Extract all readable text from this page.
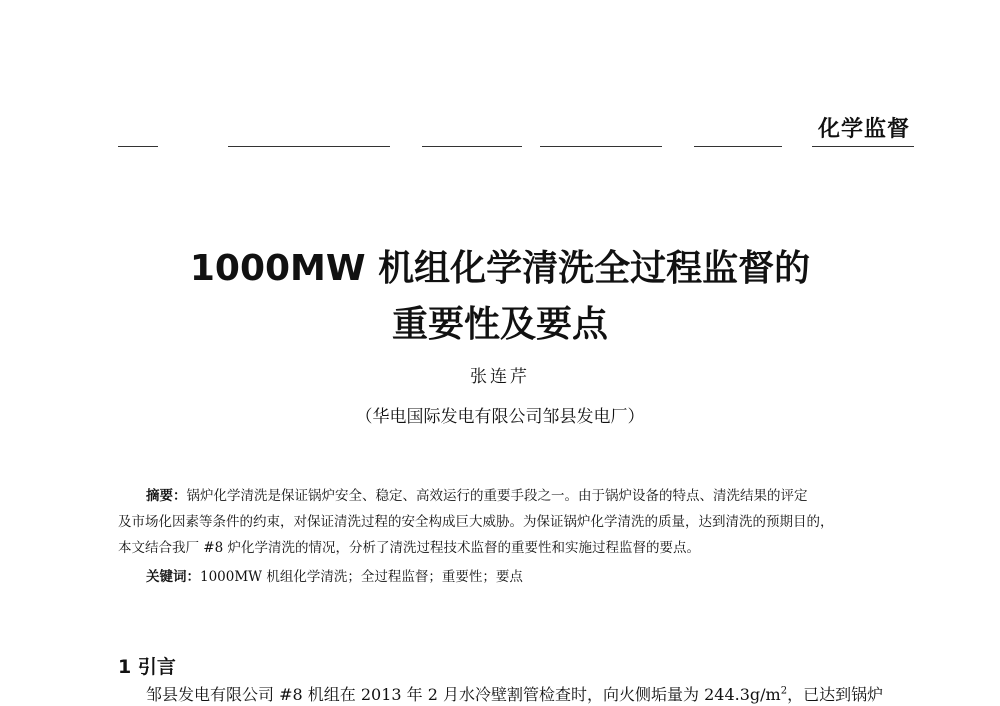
化学监督
1000MW 机组化学清洗全过程监督的
重要性及要点
张连芹
（华电国际发电有限公司邹县发电厂）

摘要：锅炉化学清洗是保证锅炉安全、稳定、高效运行的重要手段之一。由于锅炉设备的特点、清洗结果的评定

及市场化因素等条件的约束，对保证清洗过程的安全构成巨大威胁。为保证锅炉化学清洗的质量，达到清洗的预期目的，
本文结合我厂 #8 炉化学清洗的情况，分析了清洗过程技术监督的重要性和实施过程监督的要点。
关键词：1000MW 机组化学清洗；全过程监督；重要性；要点
1 引言
邹县发电有限公司 #8 机组在 2013 年 2 月水冷壁割管检查时，向火侧垢量为 $244.3g/m^2$，已达到锅炉
